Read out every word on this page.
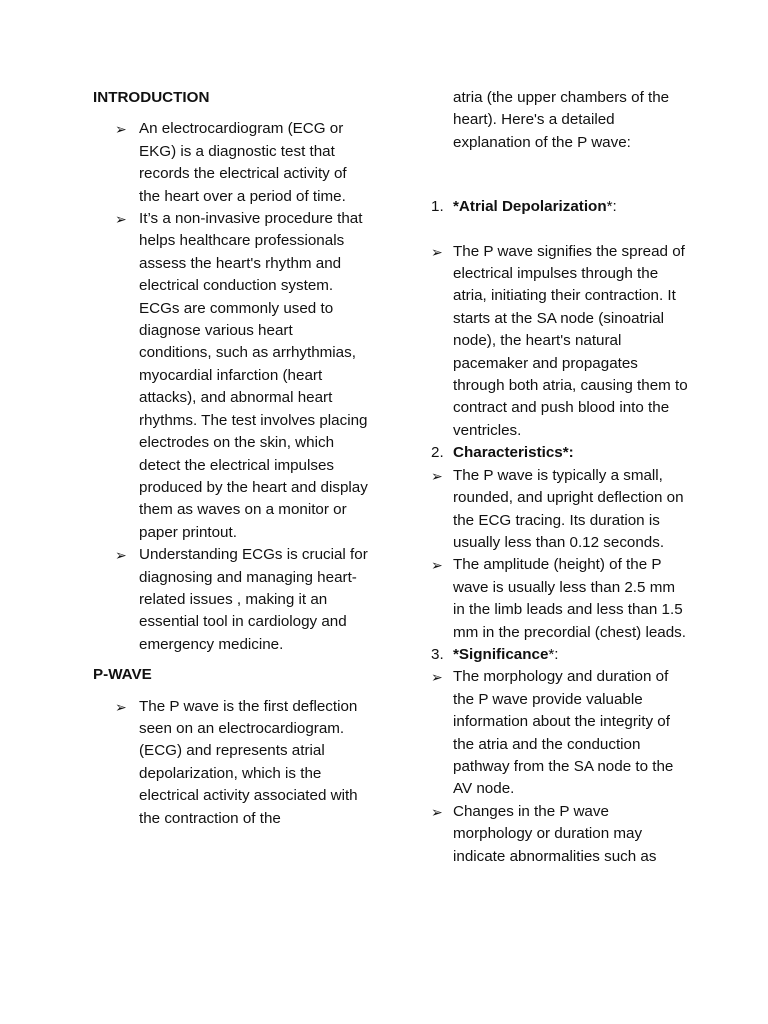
INTRODUCTION

➢ An electrocardiogram (ECG or EKG) is a diagnostic test that records the electrical activity of the heart over a period of time.
➢ It’s a non-invasive procedure that helps healthcare professionals assess the heart's rhythm and electrical conduction system. ECGs are commonly used to diagnose various heart conditions, such as arrhythmias, myocardial infarction (heart attacks), and abnormal heart rhythms. The test involves placing electrodes on the skin, which detect the electrical impulses produced by the heart and display them as waves on a monitor or paper printout.
➢ Understanding ECGs is crucial for diagnosing and managing heart-related issues , making it an essential tool in cardiology and emergency medicine.

P-WAVE

➢ The P wave is the first deflection seen on an electrocardiogram. (ECG) and represents atrial depolarization, which is the electrical activity associated with the contraction of the

atria (the upper chambers of the heart). Here's a detailed explanation of the P wave:

1. *Atrial Depolarization*:
➢ The P wave signifies the spread of electrical impulses through the atria, initiating their contraction. It starts at the SA node (sinoatrial node), the heart's natural pacemaker and propagates through both atria, causing them to contract and push blood into the ventricles.
2. Characteristics*:
➢ The P wave is typically a small, rounded, and upright deflection on the ECG tracing. Its duration is usually less than 0.12 seconds.
➢ The amplitude (height) of the P wave is usually less than 2.5 mm in the limb leads and less than 1.5 mm in the precordial (chest) leads.
3. *Significance*:
➢ The morphology and duration of the P wave provide valuable information about the integrity of the atria and the conduction pathway from the SA node to the AV node.
➢ Changes in the P wave morphology or duration may indicate abnormalities such as
